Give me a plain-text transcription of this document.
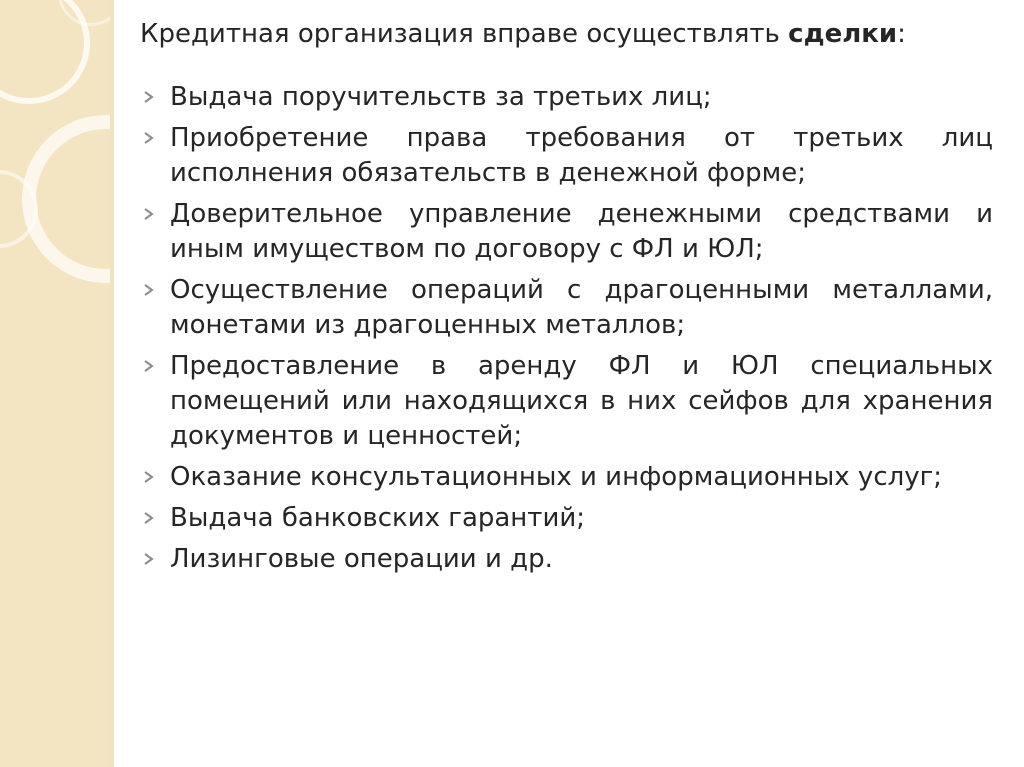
Кредитная организация вправе осуществлять сделки:
Выдача поручительств за третьих лиц;
Приобретение права требования от третьих лиц исполнения обязательств в денежной форме;
Доверительное управление денежными средствами и иным имуществом по договору с ФЛ и ЮЛ;
Осуществление операций с драгоценными металлами, монетами из драгоценных металлов;
Предоставление в аренду ФЛ и ЮЛ специальных помещений или находящихся в них сейфов для хранения документов и ценностей;
Оказание консультационных и информационных услуг;
Выдача банковских гарантий;
Лизинговые операции и др.
